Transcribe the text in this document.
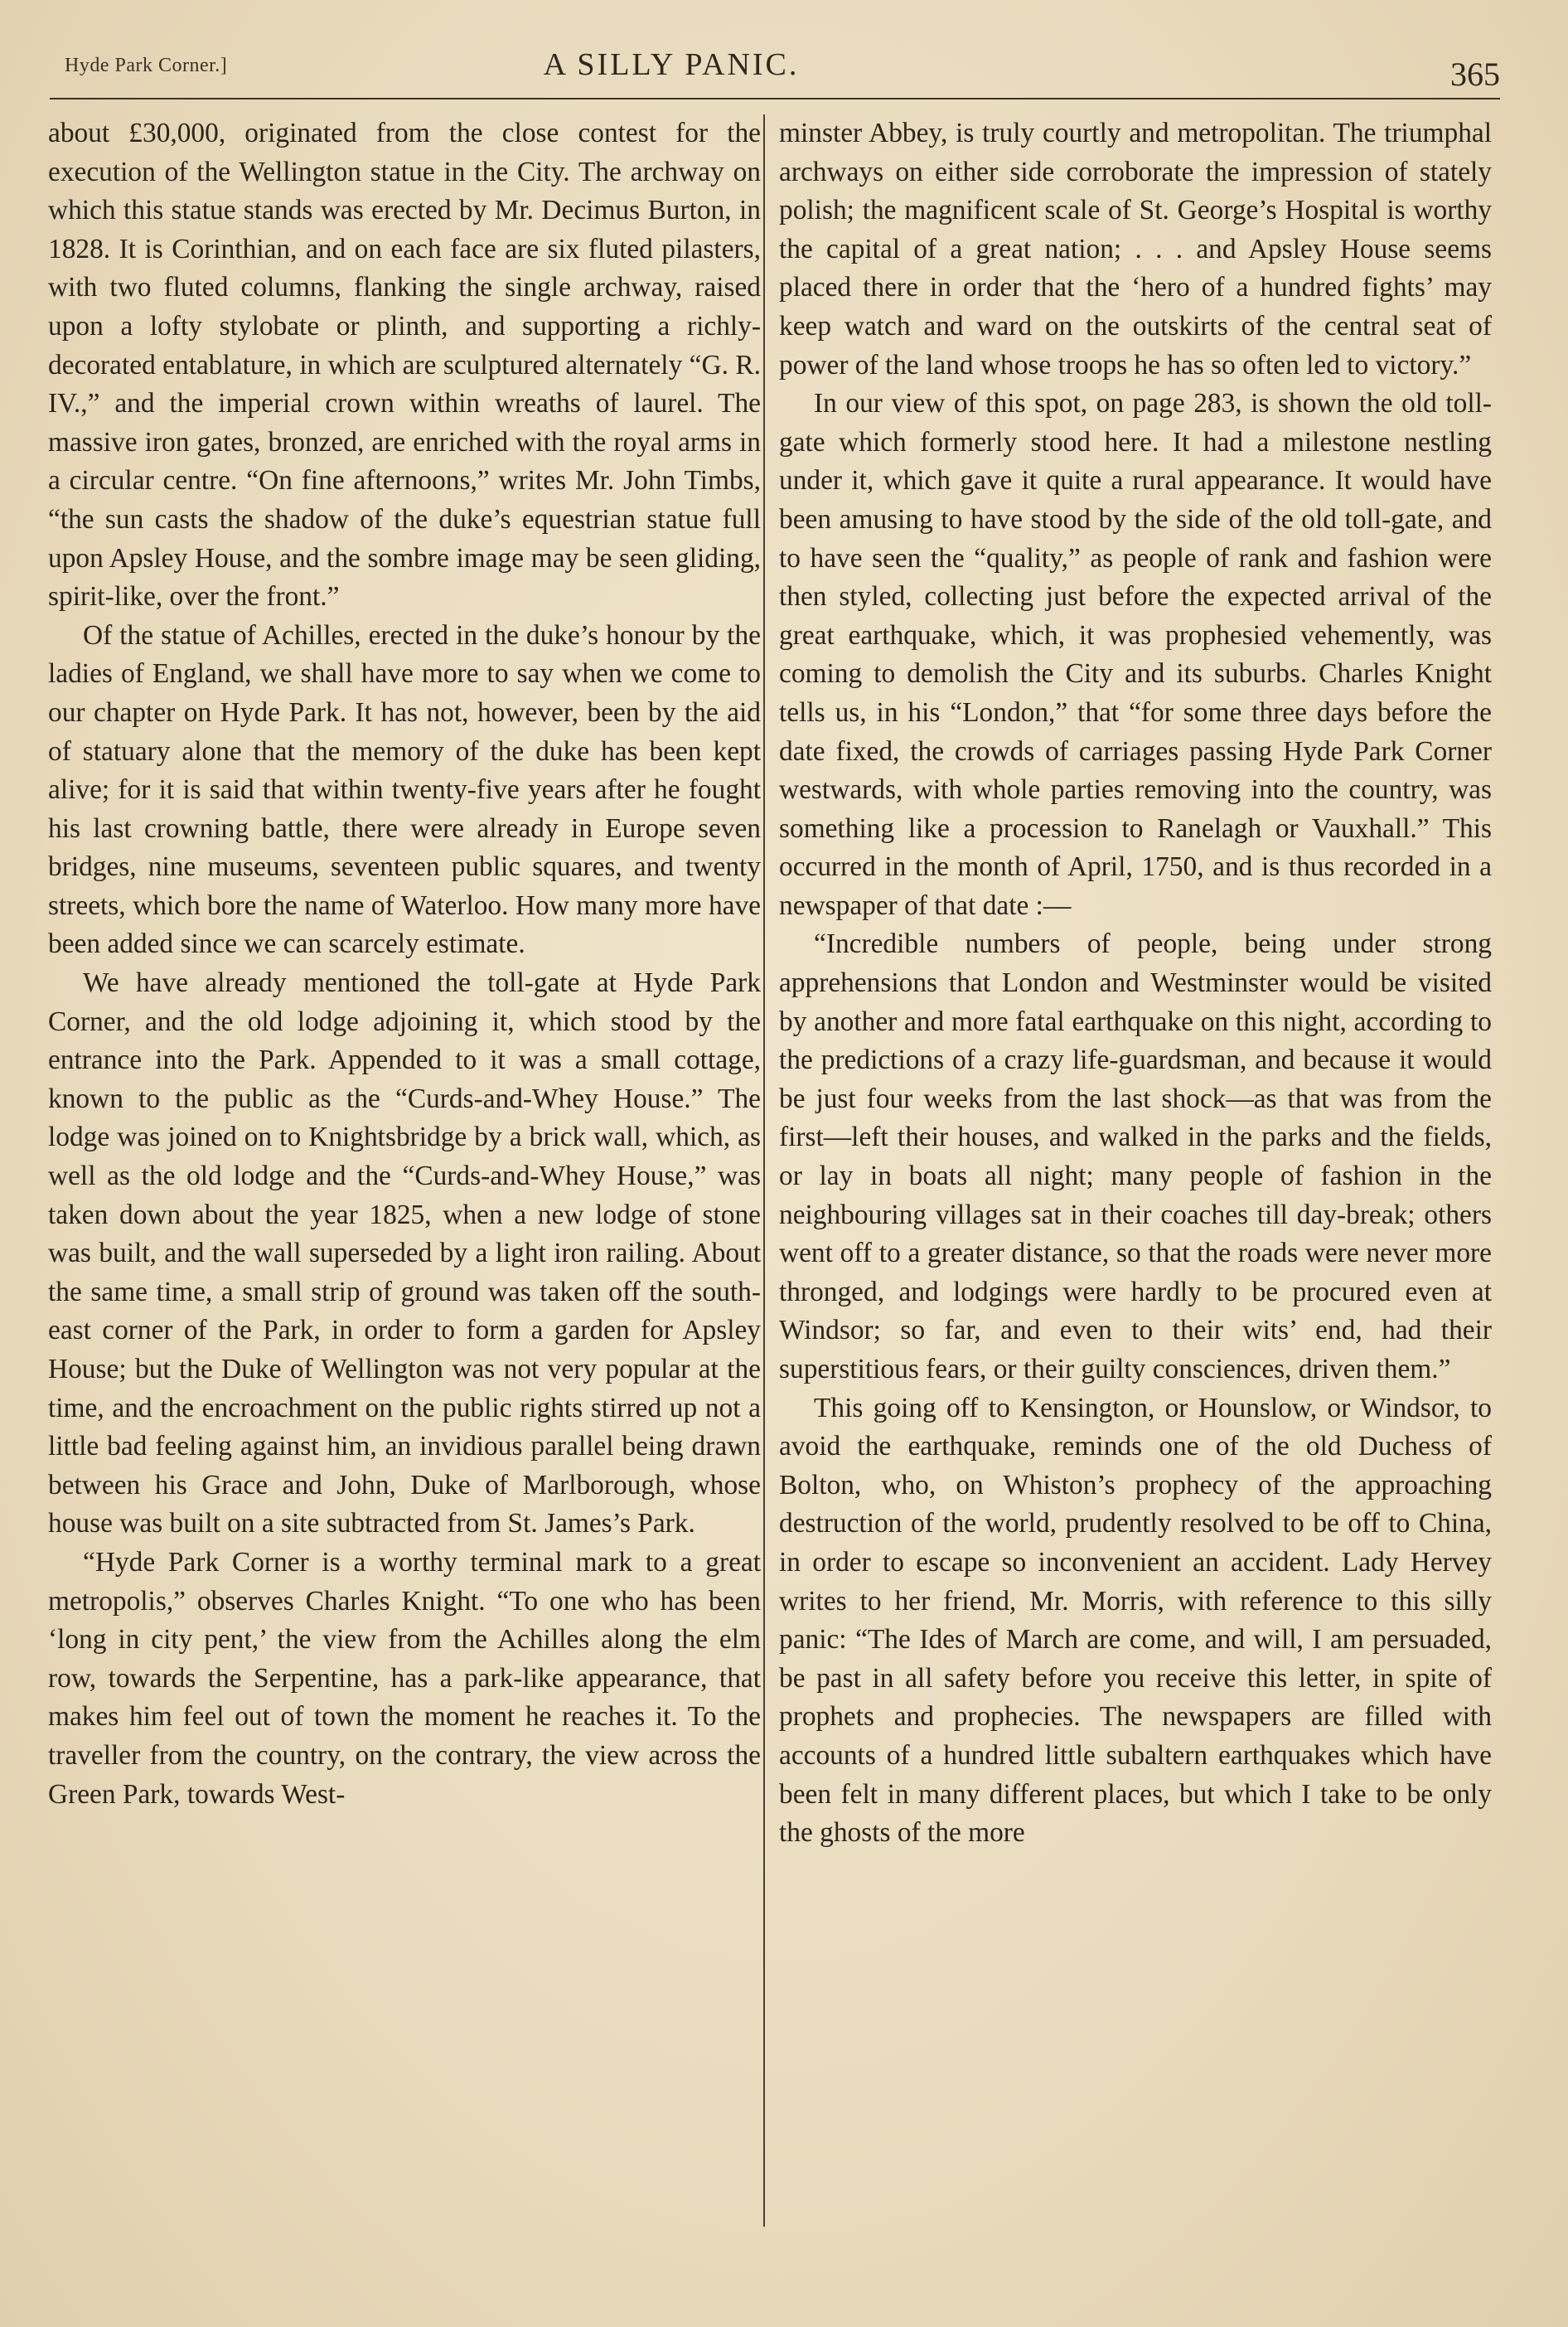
Hyde Park Corner.]	A SILLY PANIC.	365

about £30,000, originated from the close contest for the execution of the Wellington statue in the City. The archway on which this statue stands was erected by Mr. Decimus Burton, in 1828. It is Corinthian, and on each face are six fluted pilasters, with two fluted columns, flanking the single archway, raised upon a lofty stylobate or plinth, and supporting a richly-decorated entablature, in which are sculptured alternately “G. R. IV.,” and the imperial crown within wreaths of laurel. The massive iron gates, bronzed, are enriched with the royal arms in a circular centre. “On fine afternoons,” writes Mr. John Timbs, “the sun casts the shadow of the duke’s equestrian statue full upon Apsley House, and the sombre image may be seen gliding, spirit-like, over the front.”

Of the statue of Achilles, erected in the duke’s honour by the ladies of England, we shall have more to say when we come to our chapter on Hyde Park. It has not, however, been by the aid of statuary alone that the memory of the duke has been kept alive; for it is said that within twenty-five years after he fought his last crowning battle, there were already in Europe seven bridges, nine museums, seventeen public squares, and twenty streets, which bore the name of Waterloo. How many more have been added since we can scarcely estimate.

We have already mentioned the toll-gate at Hyde Park Corner, and the old lodge adjoining it, which stood by the entrance into the Park. Appended to it was a small cottage, known to the public as the “Curds-and-Whey House.” The lodge was joined on to Knightsbridge by a brick wall, which, as well as the old lodge and the “Curds-and-Whey House,” was taken down about the year 1825, when a new lodge of stone was built, and the wall superseded by a light iron railing. About the same time, a small strip of ground was taken off the south-east corner of the Park, in order to form a garden for Apsley House; but the Duke of Wellington was not very popular at the time, and the encroachment on the public rights stirred up not a little bad feeling against him, an invidious parallel being drawn between his Grace and John, Duke of Marlborough, whose house was built on a site subtracted from St. James’s Park.

“Hyde Park Corner is a worthy terminal mark to a great metropolis,” observes Charles Knight. “To one who has been ‘long in city pent,’ the view from the Achilles along the elm row, towards the Serpentine, has a park-like appearance, that makes him feel out of town the moment he reaches it. To the traveller from the country, on the contrary, the view across the Green Park, towards West-

minster Abbey, is truly courtly and metropolitan. The triumphal archways on either side corroborate the impression of stately polish; the magnificent scale of St. George’s Hospital is worthy the capital of a great nation; . . . and Apsley House seems placed there in order that the ‘hero of a hundred fights’ may keep watch and ward on the outskirts of the central seat of power of the land whose troops he has so often led to victory.”

In our view of this spot, on page 283, is shown the old toll-gate which formerly stood here. It had a milestone nestling under it, which gave it quite a rural appearance. It would have been amusing to have stood by the side of the old toll-gate, and to have seen the “quality,” as people of rank and fashion were then styled, collecting just before the expected arrival of the great earthquake, which, it was prophesied vehemently, was coming to demolish the City and its suburbs. Charles Knight tells us, in his “London,” that “for some three days before the date fixed, the crowds of carriages passing Hyde Park Corner westwards, with whole parties removing into the country, was something like a procession to Ranelagh or Vauxhall.” This occurred in the month of April, 1750, and is thus recorded in a newspaper of that date :—

“Incredible numbers of people, being under strong apprehensions that London and Westminster would be visited by another and more fatal earthquake on this night, according to the predictions of a crazy life-guardsman, and because it would be just four weeks from the last shock—as that was from the first—left their houses, and walked in the parks and the fields, or lay in boats all night; many people of fashion in the neighbouring villages sat in their coaches till day-break; others went off to a greater distance, so that the roads were never more thronged, and lodgings were hardly to be procured even at Windsor; so far, and even to their wits’ end, had their superstitious fears, or their guilty consciences, driven them.”

This going off to Kensington, or Hounslow, or Windsor, to avoid the earthquake, reminds one of the old Duchess of Bolton, who, on Whiston’s prophecy of the approaching destruction of the world, prudently resolved to be off to China, in order to escape so inconvenient an accident. Lady Hervey writes to her friend, Mr. Morris, with reference to this silly panic: “The Ides of March are come, and will, I am persuaded, be past in all safety before you receive this letter, in spite of prophets and prophecies. The newspapers are filled with accounts of a hundred little subaltern earthquakes which have been felt in many different places, but which I take to be only the ghosts of the more
